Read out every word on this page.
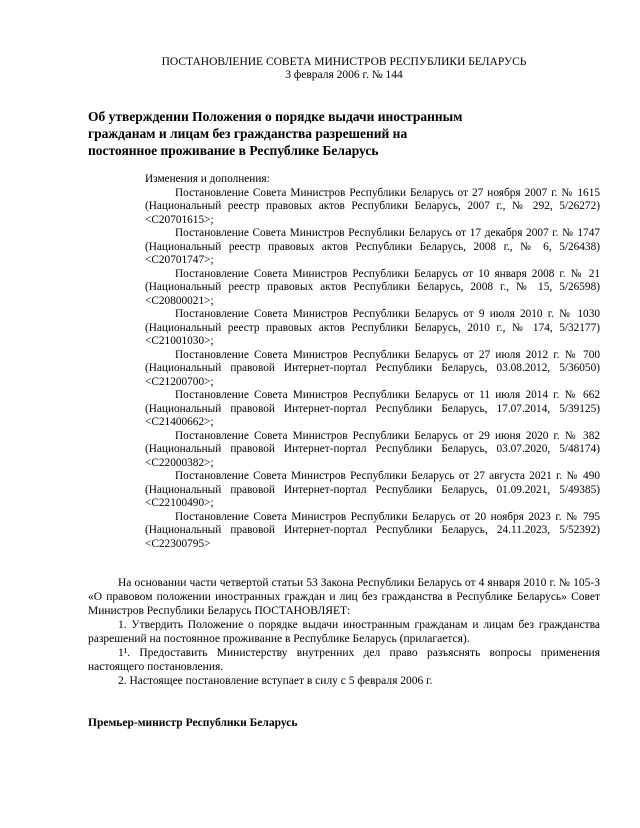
ПОСТАНОВЛЕНИЕ СОВЕТА МИНИСТРОВ РЕСПУБЛИКИ БЕЛАРУСЬ
3 февраля 2006 г. № 144
Об утверждении Положения о порядке выдачи иностранным гражданам и лицам без гражданства разрешений на постоянное проживание в Республике Беларусь
Изменения и дополнения:

Постановление Совета Министров Республики Беларусь от 27 ноября 2007 г. № 1615 (Национальный реестр правовых актов Республики Беларусь, 2007 г., № 292, 5/26272) <C20701615>;

Постановление Совета Министров Республики Беларусь от 17 декабря 2007 г. № 1747 (Национальный реестр правовых актов Республики Беларусь, 2008 г., № 6, 5/26438) <C20701747>;

Постановление Совета Министров Республики Беларусь от 10 января 2008 г. № 21 (Национальный реестр правовых актов Республики Беларусь, 2008 г., № 15, 5/26598) <C20800021>;

Постановление Совета Министров Республики Беларусь от 9 июля 2010 г. № 1030 (Национальный реестр правовых актов Республики Беларусь, 2010 г., № 174, 5/32177) <C21001030>;

Постановление Совета Министров Республики Беларусь от 27 июля 2012 г. № 700 (Национальный правовой Интернет-портал Республики Беларусь, 03.08.2012, 5/36050) <C21200700>;

Постановление Совета Министров Республики Беларусь от 11 июля 2014 г. № 662 (Национальный правовой Интернет-портал Республики Беларусь, 17.07.2014, 5/39125) <C21400662>;

Постановление Совета Министров Республики Беларусь от 29 июня 2020 г. № 382 (Национальный правовой Интернет-портал Республики Беларусь, 03.07.2020, 5/48174) <C22000382>;

Постановление Совета Министров Республики Беларусь от 27 августа 2021 г. № 490 (Национальный правовой Интернет-портал Республики Беларусь, 01.09.2021, 5/49385) <C22100490>;

Постановление Совета Министров Республики Беларусь от 20 ноября 2023 г. № 795 (Национальный правовой Интернет-портал Республики Беларусь, 24.11.2023, 5/52392) <C22300795>

На основании части четвертой статьи 53 Закона Республики Беларусь от 4 января 2010 г. № 105-З «О правовом положении иностранных граждан и лиц без гражданства в Республике Беларусь» Совет Министров Республики Беларусь ПОСТАНОВЛЯЕТ:

1. Утвердить Положение о порядке выдачи иностранным гражданам и лицам без гражданства разрешений на постоянное проживание в Республике Беларусь (прилагается).

1¹. Предоставить Министерству внутренних дел право разъяснять вопросы применения настоящего постановления.

2. Настоящее постановление вступает в силу с 5 февраля 2006 г.

Премьер-министр Республики Беларусь
